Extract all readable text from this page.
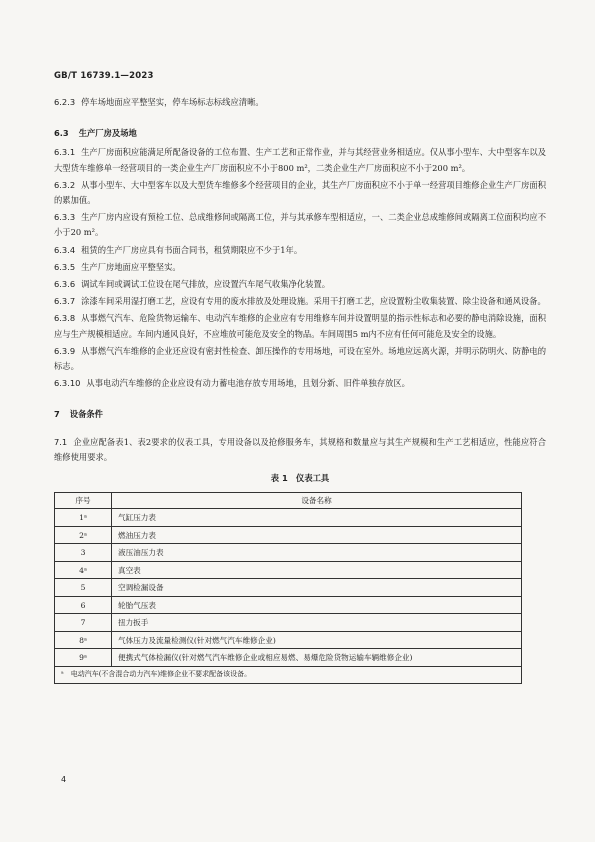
GB/T 16739.1—2023

6.2.3 停车场地面应平整坚实，停车场标志标线应清晰。

6.3 生产厂房及场地

6.3.1 生产厂房面积应能满足所配备设备的工位布置、生产工艺和正常作业，并与其经营业务相适应。仅从事小型车、大中型客车以及大型货车维修单一经营项目的一类企业生产厂房面积应不小于800 m²，二类企业生产厂房面积应不小于200 m²。

6.3.2 从事小型车、大中型客车以及大型货车维修多个经营项目的企业，其生产厂房面积应不小于单一经营项目维修企业生产厂房面积的累加值。

6.3.3 生产厂房内应设有预检工位、总成维修间或隔离工位，并与其承修车型相适应，一、二类企业总成维修间或隔离工位面积均应不小于20 m²。

6.3.4 租赁的生产厂房应具有书面合同书，租赁期限应不少于1年。

6.3.5 生产厂房地面应平整坚实。

6.3.6 调试车间或调试工位设在尾气排放，应设置汽车尾气收集净化装置。

6.3.7 涂漆车间采用湿打磨工艺，应设有专用的废水排放及处理设施。采用干打磨工艺，应设置粉尘收集装置、除尘设备和通风设备。

6.3.8 从事燃气汽车、危险货物运输车、电动汽车维修的企业应有专用维修车间并设置明显的指示性标志和必要的静电消除设施，面积应与生产规模相适应。车间内通风良好，不应堆放可能危及安全的物品。车间周围5 m内不应有任何可能危及安全的设施。

6.3.9 从事燃气汽车维修的企业还应设有密封性检查、卸压操作的专用场地，可设在室外。场地应远离火源，并明示防明火、防静电的标志。

6.3.10 从事电动汽车维修的企业应设有动力蓄电池存放专用场地，且划分新、旧件单独存放区。

7 设备条件

7.1 企业应配备表1、表2要求的仪表工具，专用设备以及抢修服务车，其规格和数量应与其生产规模和生产工艺相适应，性能应符合维修使用要求。

表 1　仪表工具
序号	设备名称
1ᵃ	气缸压力表
2ᵃ	燃油压力表
3	液压油压力表
4ᵃ	真空表
5	空调检漏设备
6	轮胎气压表
7	扭力扳手
8ᵃ	气体压力及流量检测仪(针对燃气汽车维修企业)
9ᵃ	便携式气体检漏仪(针对燃气汽车维修企业或相应易燃、易爆危险货物运输车辆维修企业)
ᵃ　电动汽车(不含混合动力汽车)维修企业不要求配备该设备。	
4
